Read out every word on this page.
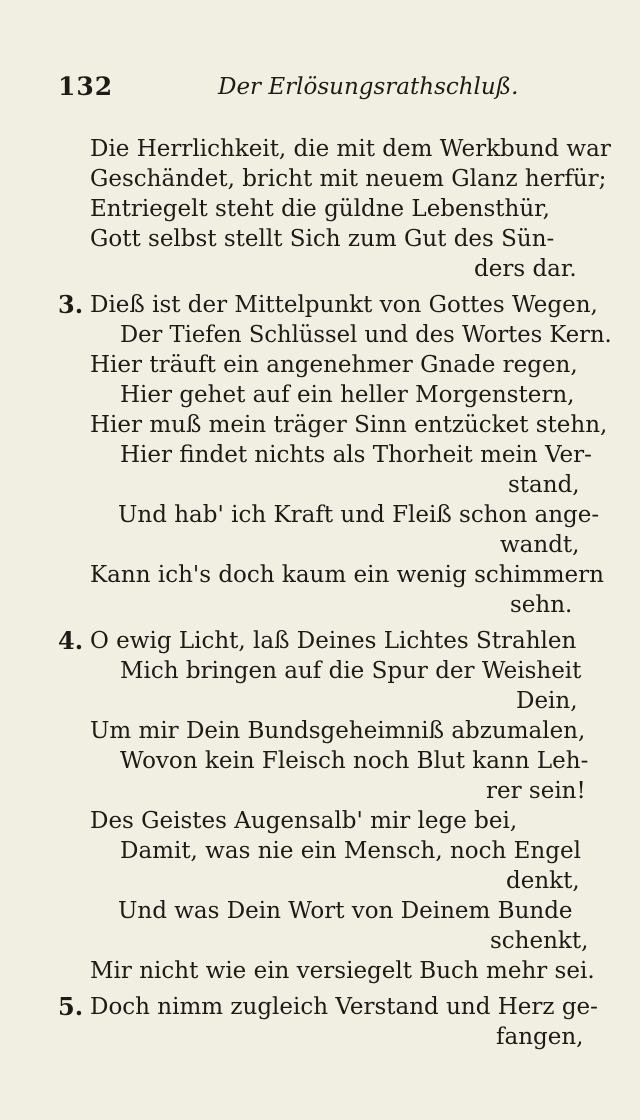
132	Der Erlösungsrathschluß.
Die Herrlichkeit, die mit dem Werkbund war
Geschändet, bricht mit neuem Glanz herfür;
Entriegelt steht die güldne Lebensthür,
Gott selbst stellt Sich zum Gut des Sün-
ders dar.
3. Dieß ist der Mittelpunkt von Gottes Wegen,
Der Tiefen Schlüssel und des Wortes Kern.
Hier träuft ein angenehmer Gnade regen,
Hier gehet auf ein heller Morgenstern,
Hier muß mein träger Sinn entzücket stehn,
Hier findet nichts als Thorheit mein Ver-
stand,
Und hab' ich Kraft und Fleiß schon ange-
wandt,
Kann ich's doch kaum ein wenig schimmern
sehn.
4. O ewig Licht, laß Deines Lichtes Strahlen
Mich bringen auf die Spur der Weisheit
Dein,
Um mir Dein Bundsgeheimniß abzumalen,
Wovon kein Fleisch noch Blut kann Leh-
rer sein!
Des Geistes Augensalb' mir lege bei,
Damit, was nie ein Mensch, noch Engel
denkt,
Und was Dein Wort von Deinem Bunde
schenkt,
Mir nicht wie ein versiegelt Buch mehr sei.
5. Doch nimm zugleich Verstand und Herz ge-
fangen,
